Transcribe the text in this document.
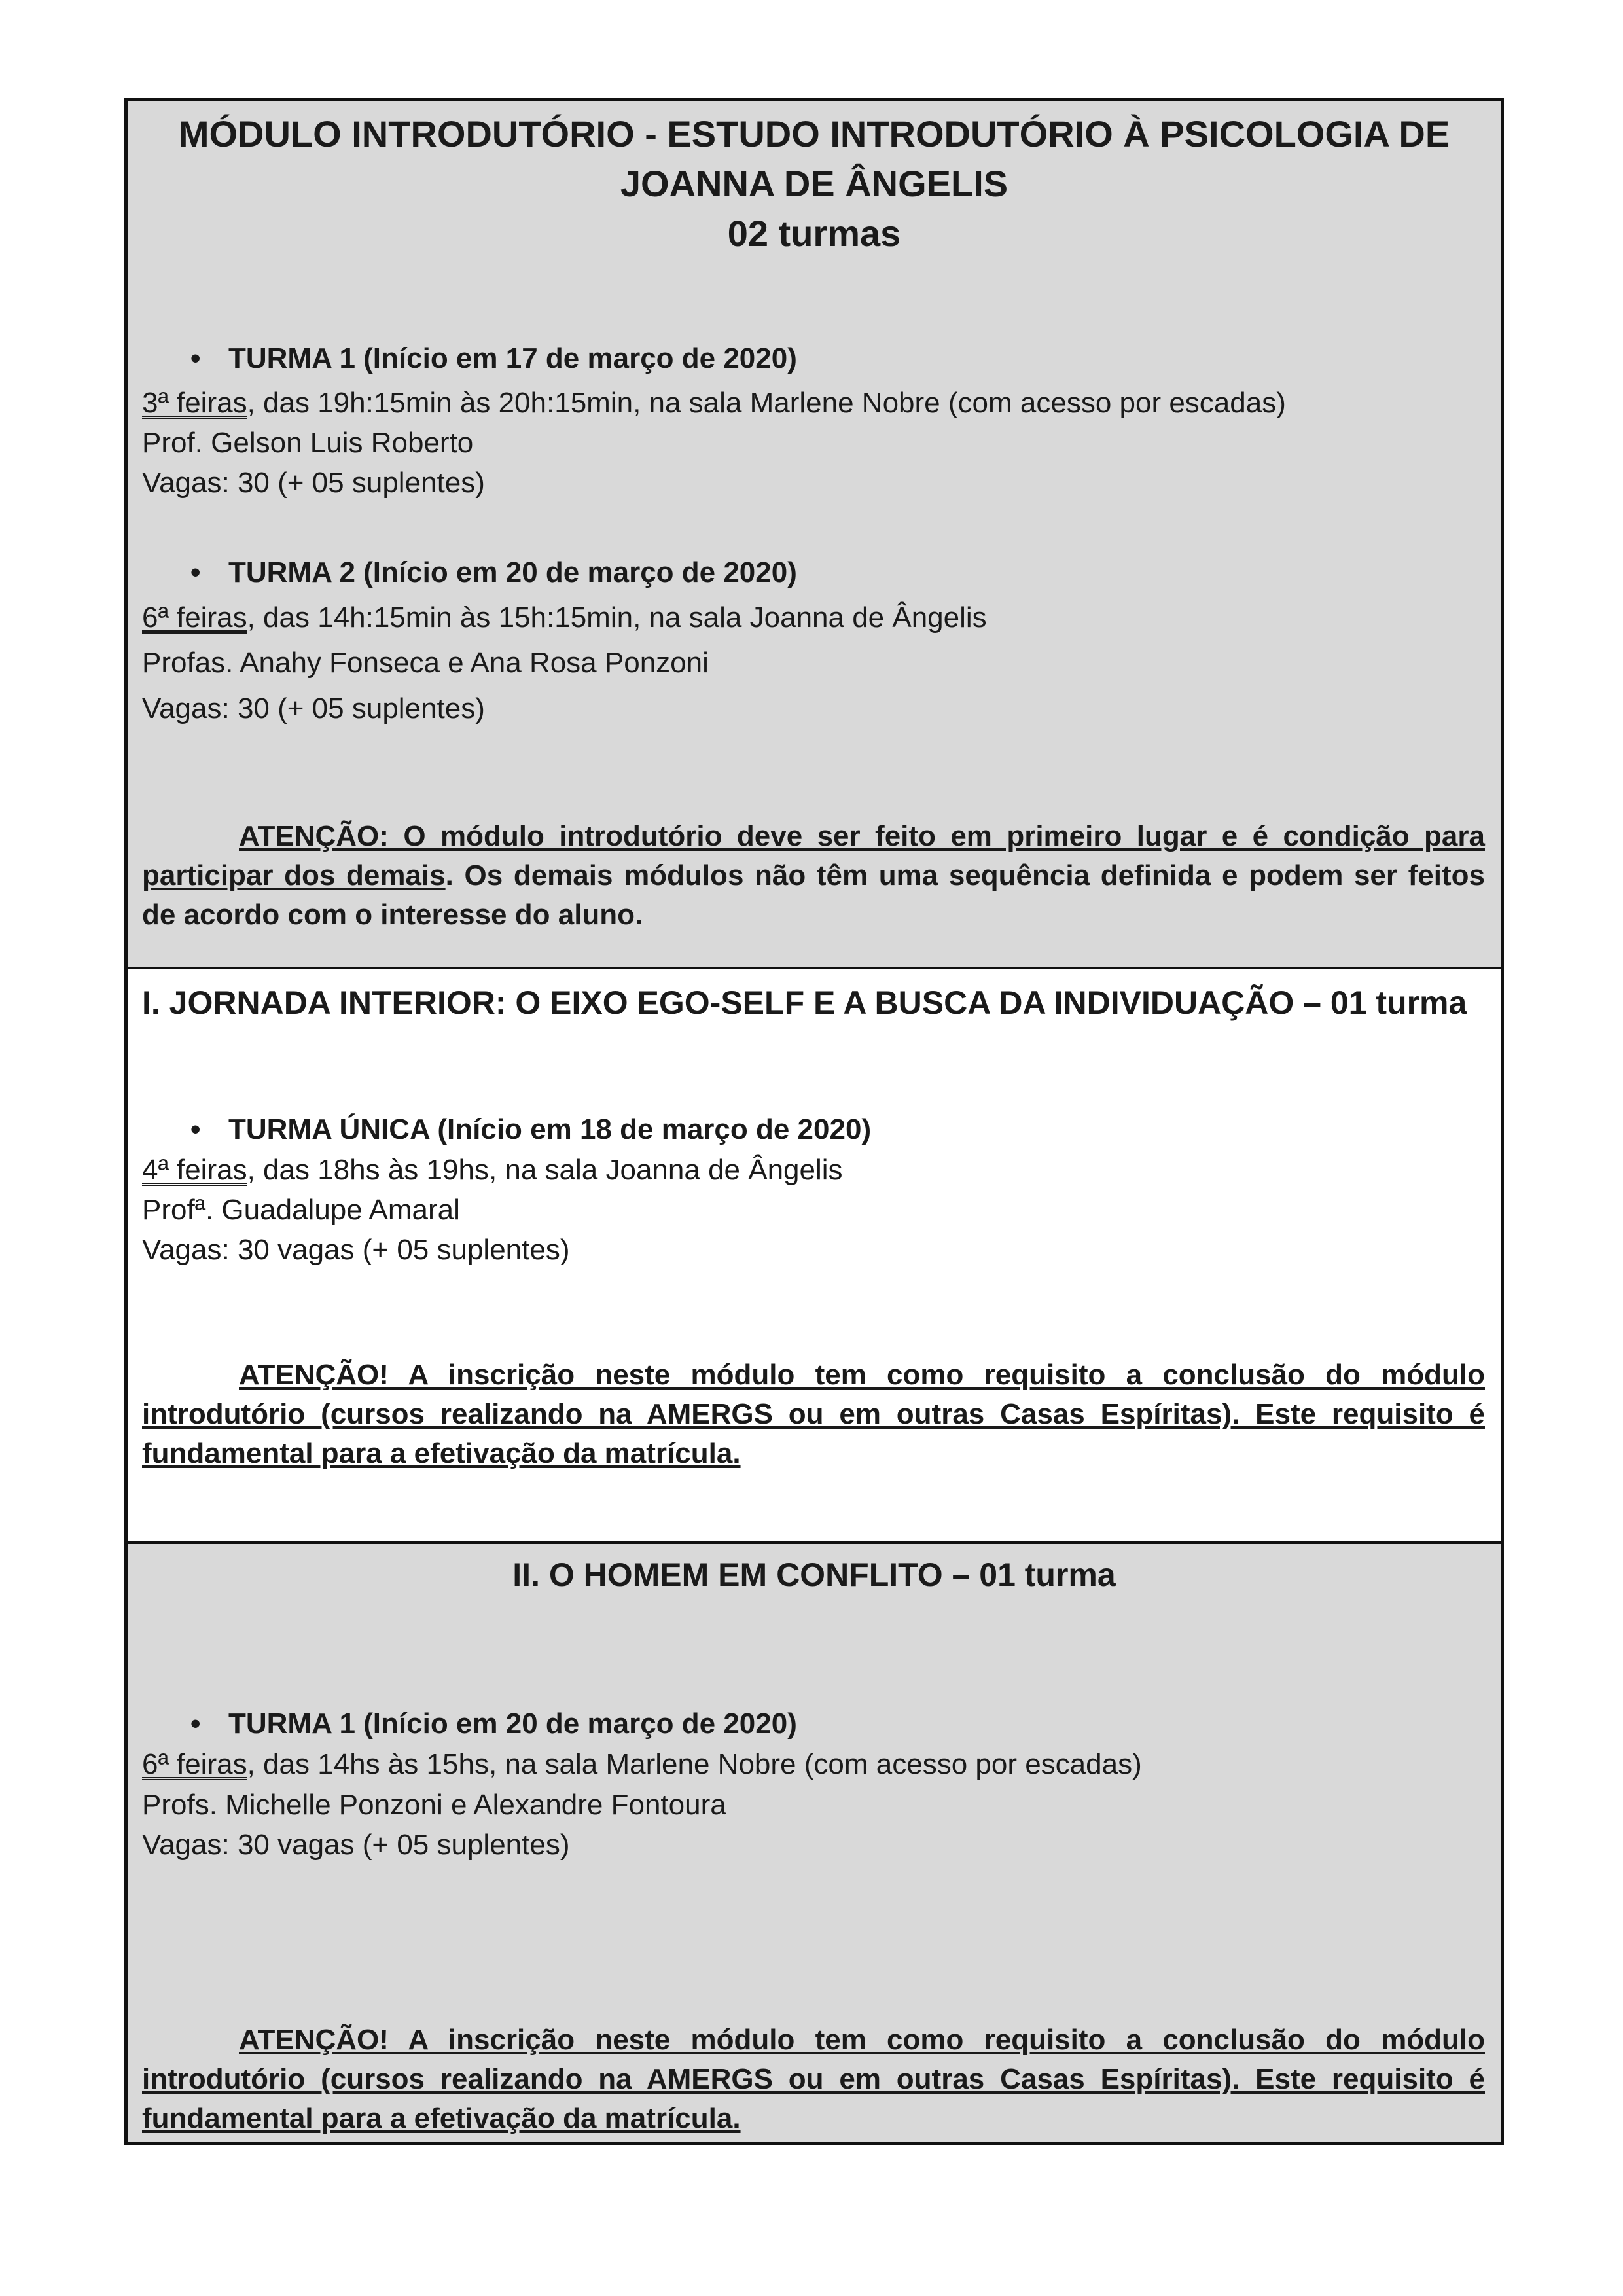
MÓDULO INTRODUTÓRIO - ESTUDO INTRODUTÓRIO À PSICOLOGIA DE

JOANNA DE ÂNGELIS

02 turmas

• TURMA 1 (Início em 17 de março de 2020)

3ª feiras, das 19h:15min às 20h:15min, na sala Marlene Nobre (com acesso por escadas)

Prof. Gelson Luis Roberto

Vagas: 30 (+ 05 suplentes)

• TURMA 2 (Início em 20 de março de 2020)

6ª feiras, das 14h:15min às 15h:15min, na sala Joanna de Ângelis

Profas. Anahy Fonseca e Ana Rosa Ponzoni

Vagas: 30 (+ 05 suplentes)

ATENÇÃO: O módulo introdutório deve ser feito em primeiro lugar e é condição para participar dos demais. Os demais módulos não têm uma sequência definida e podem ser feitos de acordo com o interesse do aluno.

I. JORNADA INTERIOR: O EIXO EGO-SELF E A BUSCA DA INDIVIDUAÇÃO – 01 turma

• TURMA ÚNICA (Início em 18 de março de 2020)

4ª feiras, das 18hs às 19hs, na sala Joanna de Ângelis

Profª. Guadalupe Amaral

Vagas: 30 vagas (+ 05 suplentes)

ATENÇÃO! A inscrição neste módulo tem como requisito a conclusão do módulo introdutório (cursos realizando na AMERGS ou em outras Casas Espíritas). Este requisito é fundamental para a efetivação da matrícula.

II. O HOMEM EM CONFLITO – 01 turma

• TURMA 1 (Início em 20 de março de 2020)

6ª feiras, das 14hs às 15hs, na sala Marlene Nobre (com acesso por escadas)

Profs. Michelle Ponzoni e Alexandre Fontoura

Vagas: 30 vagas (+ 05 suplentes)

ATENÇÃO! A inscrição neste módulo tem como requisito a conclusão do módulo introdutório (cursos realizando na AMERGS ou em outras Casas Espíritas). Este requisito é fundamental para a efetivação da matrícula.
